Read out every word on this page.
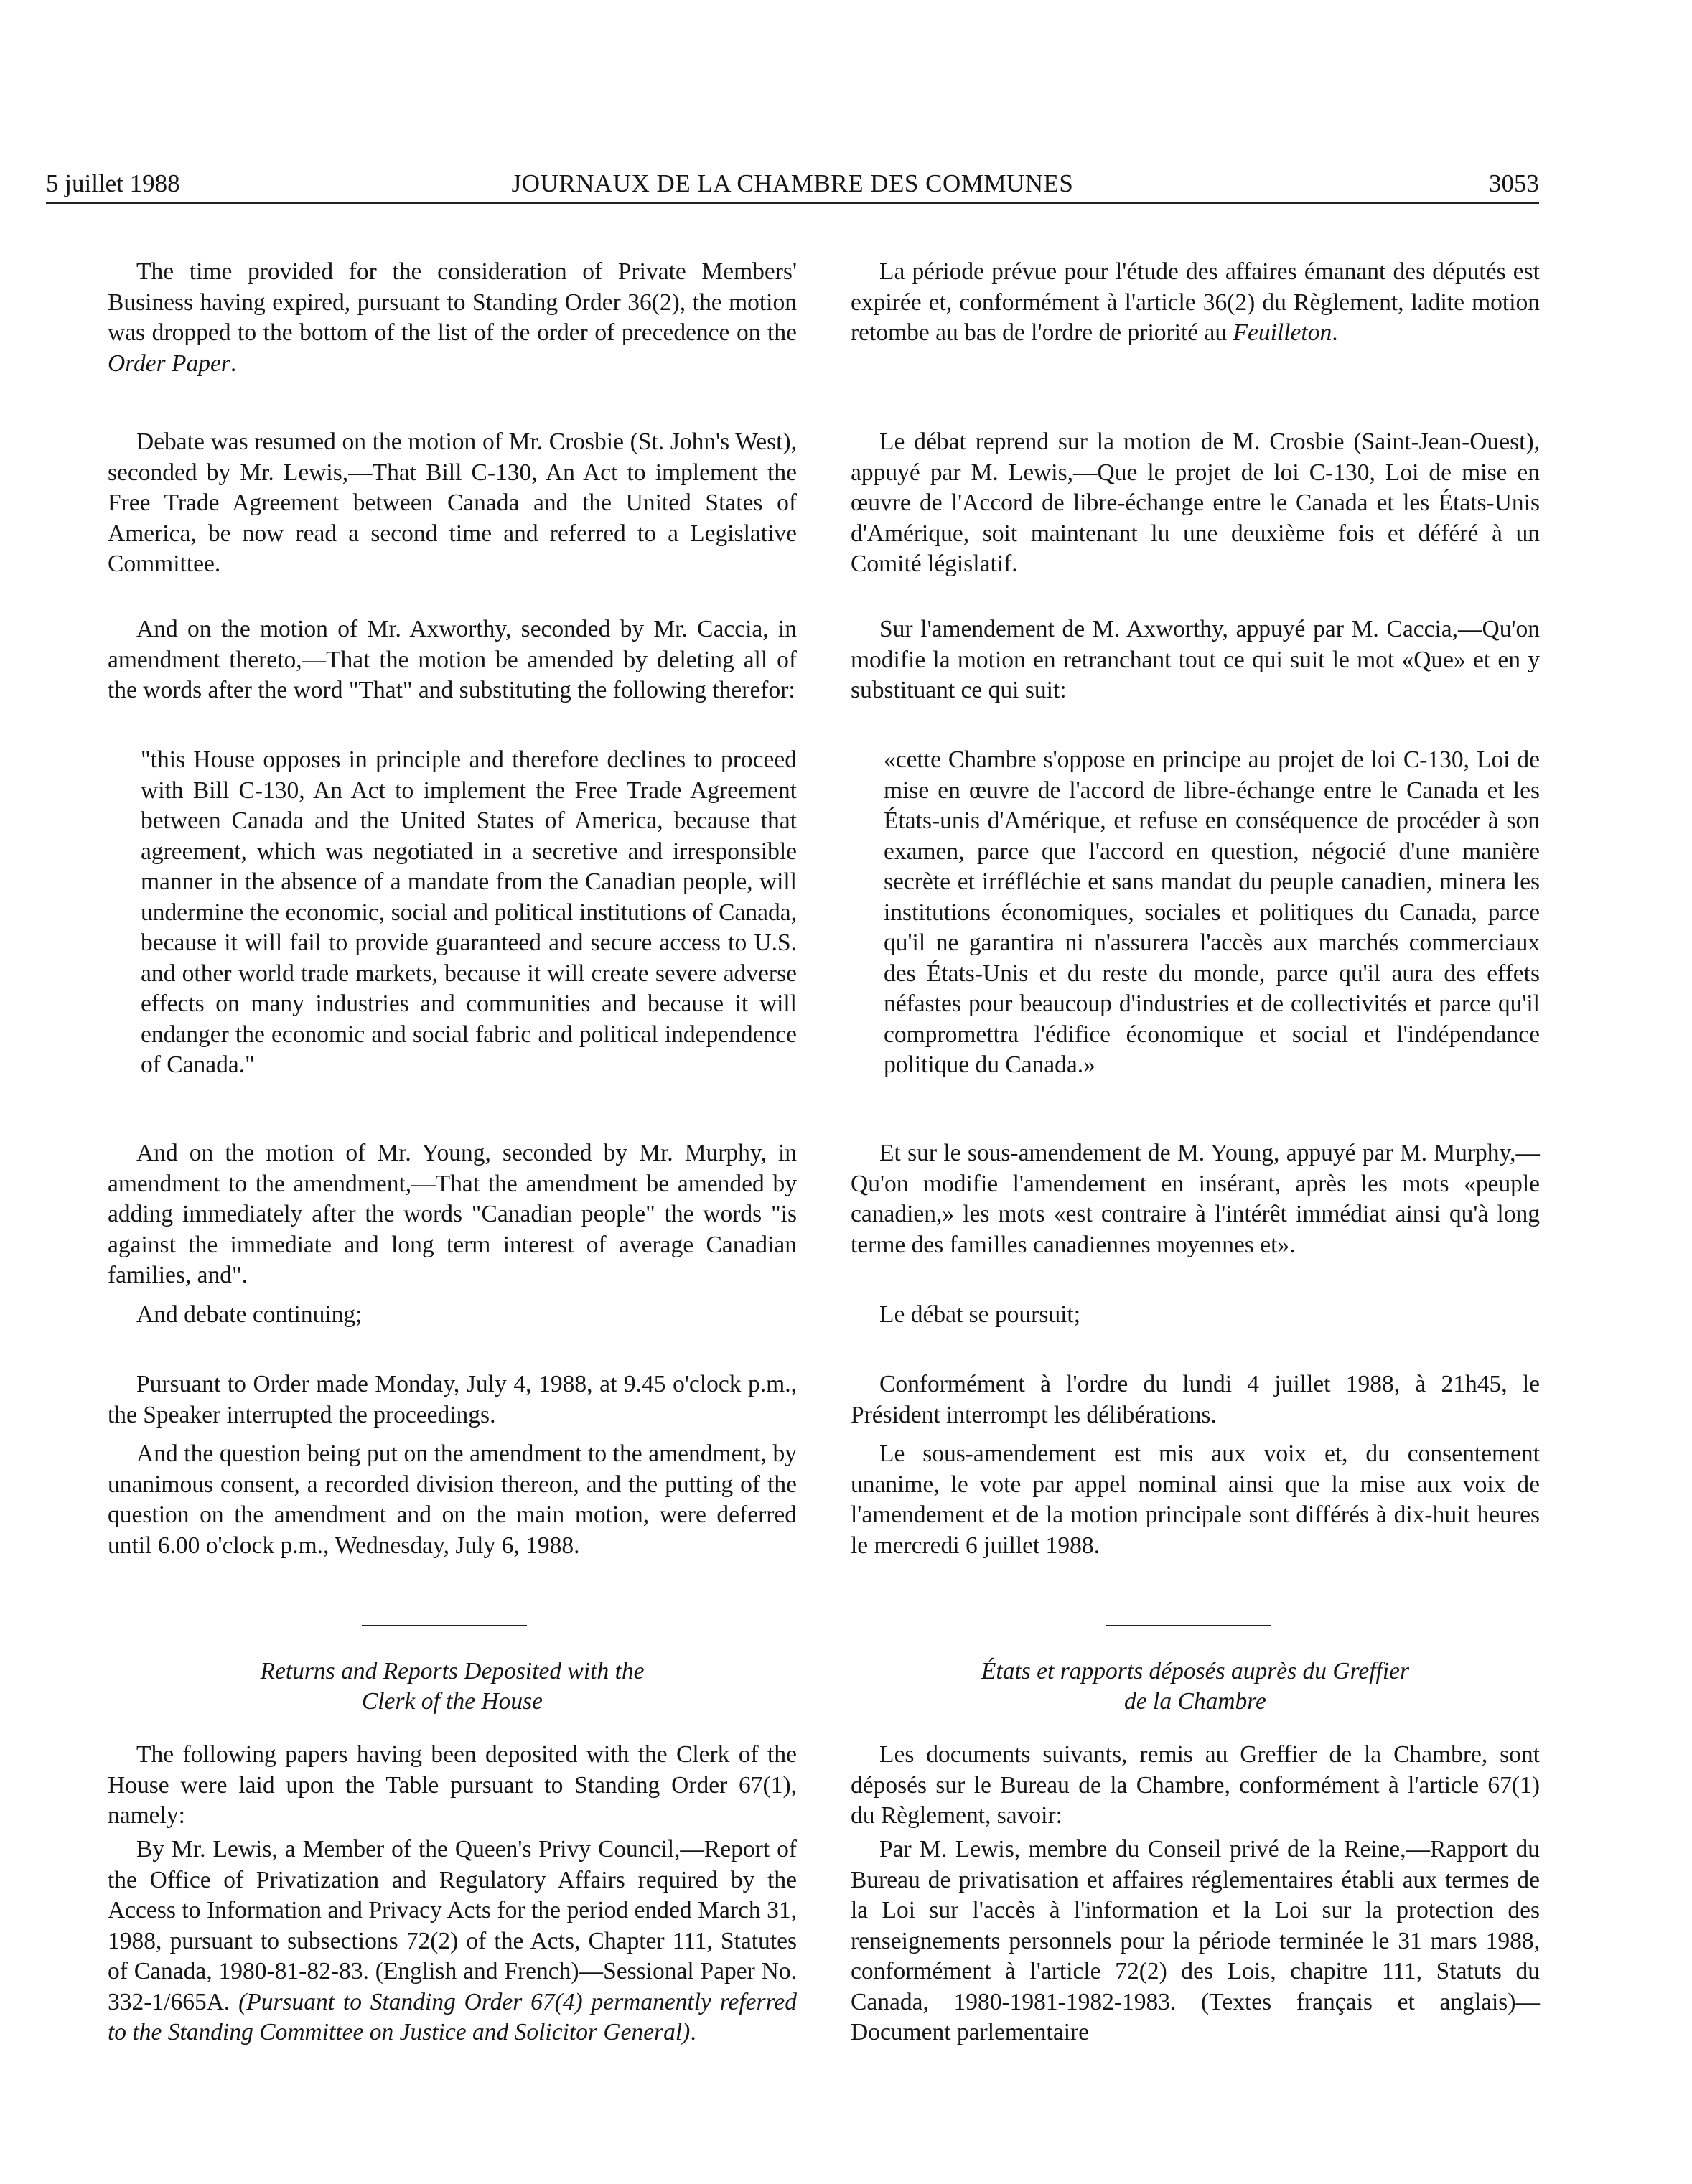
5 juillet 1988	JOURNAUX DE LA CHAMBRE DES COMMUNES	3053

The time provided for the consideration of Private Members' Business having expired, pursuant to Standing Order 36(2), the motion was dropped to the bottom of the list of the order of precedence on the Order Paper.

Debate was resumed on the motion of Mr. Crosbie (St. John's West), seconded by Mr. Lewis,—That Bill C-130, An Act to implement the Free Trade Agreement between Canada and the United States of America, be now read a second time and referred to a Legislative Committee.

And on the motion of Mr. Axworthy, seconded by Mr. Caccia, in amendment thereto,—That the motion be amended by deleting all of the words after the word "That" and substituting the following therefor:

"this House opposes in principle and therefore declines to proceed with Bill C-130, An Act to implement the Free Trade Agreement between Canada and the United States of America, because that agreement, which was negotiated in a secretive and irresponsible manner in the absence of a mandate from the Canadian people, will undermine the economic, social and political institutions of Canada, because it will fail to provide guaranteed and secure access to U.S. and other world trade markets, because it will create severe adverse effects on many industries and communities and because it will endanger the economic and social fabric and political independence of Canada."

And on the motion of Mr. Young, seconded by Mr. Murphy, in amendment to the amendment,—That the amendment be amended by adding immediately after the words "Canadian people" the words "is against the immediate and long term interest of average Canadian families, and".

And debate continuing;

Pursuant to Order made Monday, July 4, 1988, at 9.45 o'clock p.m., the Speaker interrupted the proceedings.

And the question being put on the amendment to the amendment, by unanimous consent, a recorded division thereon, and the putting of the question on the amendment and on the main motion, were deferred until 6.00 o'clock p.m., Wednesday, July 6, 1988.

Returns and Reports Deposited with the
Clerk of the House

The following papers having been deposited with the Clerk of the House were laid upon the Table pursuant to Standing Order 67(1), namely:

By Mr. Lewis, a Member of the Queen's Privy Council,—Report of the Office of Privatization and Regulatory Affairs required by the Access to Information and Privacy Acts for the period ended March 31, 1988, pursuant to subsections 72(2) of the Acts, Chapter 111, Statutes of Canada, 1980-81-82-83. (English and French)—Sessional Paper No. 332-1/665A. (Pursuant to Standing Order 67(4) permanently referred to the Standing Committee on Justice and Solicitor General).

La période prévue pour l'étude des affaires émanant des députés est expirée et, conformément à l'article 36(2) du Règlement, ladite motion retombe au bas de l'ordre de priorité au Feuilleton.

Le débat reprend sur la motion de M. Crosbie (Saint-Jean-Ouest), appuyé par M. Lewis,—Que le projet de loi C-130, Loi de mise en œuvre de l'Accord de libre-échange entre le Canada et les États-Unis d'Amérique, soit maintenant lu une deuxième fois et déféré à un Comité législatif.

Sur l'amendement de M. Axworthy, appuyé par M. Caccia,—Qu'on modifie la motion en retranchant tout ce qui suit le mot «Que» et en y substituant ce qui suit:

«cette Chambre s'oppose en principe au projet de loi C-130, Loi de mise en œuvre de l'accord de libre-échange entre le Canada et les États-unis d'Amérique, et refuse en conséquence de procéder à son examen, parce que l'accord en question, négocié d'une manière secrète et irréfléchie et sans mandat du peuple canadien, minera les institutions économiques, sociales et politiques du Canada, parce qu'il ne garantira ni n'assurera l'accès aux marchés commerciaux des États-Unis et du reste du monde, parce qu'il aura des effets néfastes pour beaucoup d'industries et de collectivités et parce qu'il compromettra l'édifice économique et social et l'indépendance politique du Canada.»

Et sur le sous-amendement de M. Young, appuyé par M. Murphy,—Qu'on modifie l'amendement en insérant, après les mots «peuple canadien,» les mots «est contraire à l'intérêt immédiat ainsi qu'à long terme des familles canadiennes moyennes et».

Le débat se poursuit;

Conformément à l'ordre du lundi 4 juillet 1988, à 21h45, le Président interrompt les délibérations.

Le sous-amendement est mis aux voix et, du consentement unanime, le vote par appel nominal ainsi que la mise aux voix de l'amendement et de la motion principale sont différés à dix-huit heures le mercredi 6 juillet 1988.

États et rapports déposés auprès du Greffier
de la Chambre

Les documents suivants, remis au Greffier de la Chambre, sont déposés sur le Bureau de la Chambre, conformément à l'article 67(1) du Règlement, savoir:

Par M. Lewis, membre du Conseil privé de la Reine,—Rapport du Bureau de privatisation et affaires réglementaires établi aux termes de la Loi sur l'accès à l'information et la Loi sur la protection des renseignements personnels pour la période terminée le 31 mars 1988, conformément à l'article 72(2) des Lois, chapitre 111, Statuts du Canada, 1980-1981-1982-1983. (Textes français et anglais)—Document parlementaire
